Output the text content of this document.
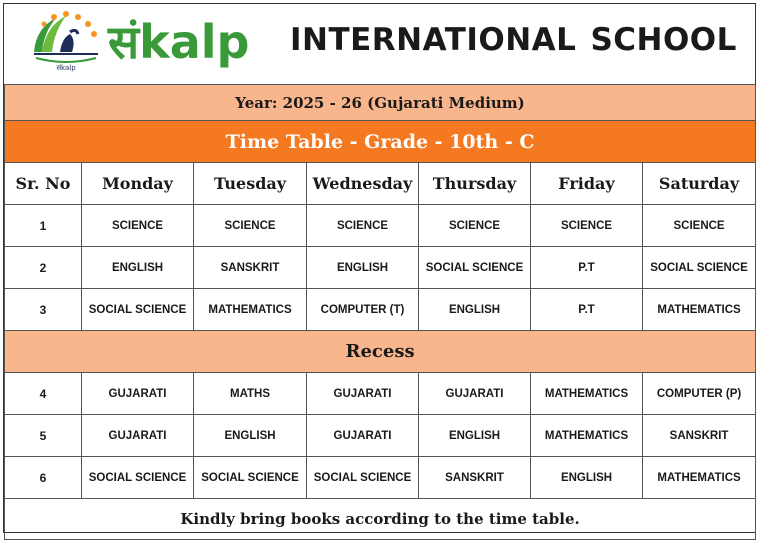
संkalp संkalp INTERNATIONAL SCHOOL
Year: 2025 - 26 (Gujarati Medium)						
Time Table - Grade - 10th - C						
Sr. No	Monday	Tuesday	Wednesday	Thursday	Friday	Saturday
1	SCIENCE	SCIENCE	SCIENCE	SCIENCE	SCIENCE	SCIENCE
2	ENGLISH	SANSKRIT	ENGLISH	SOCIAL SCIENCE	P.T	SOCIAL SCIENCE
3	SOCIAL SCIENCE	MATHEMATICS	COMPUTER (T)	ENGLISH	P.T	MATHEMATICS
Recess						
4	GUJARATI	MATHS	GUJARATI	GUJARATI	MATHEMATICS	COMPUTER (P)
5	GUJARATI	ENGLISH	GUJARATI	ENGLISH	MATHEMATICS	SANSKRIT
6	SOCIAL SCIENCE	SOCIAL SCIENCE	SOCIAL SCIENCE	SANSKRIT	ENGLISH	MATHEMATICS
Kindly bring books according to the time table.						
